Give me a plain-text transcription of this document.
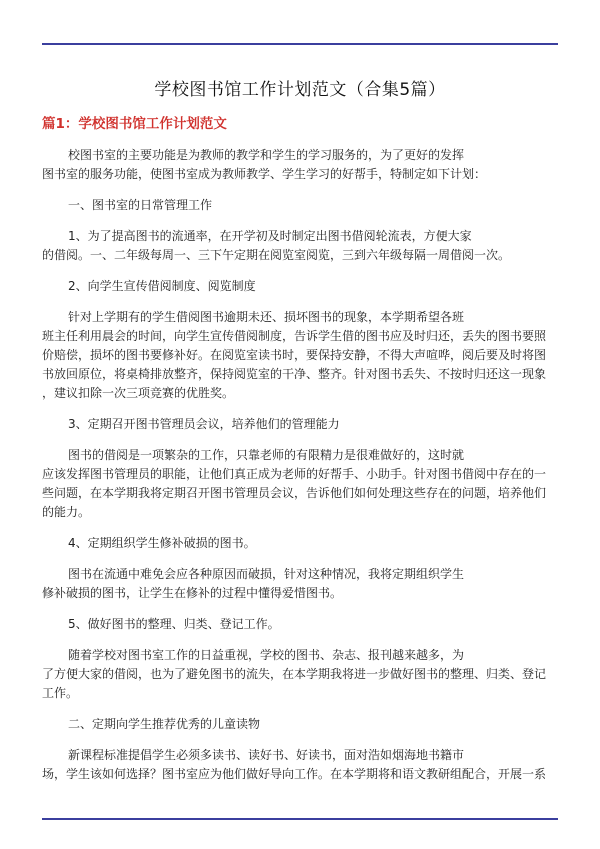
学校图书馆工作计划范文（合集5篇）
篇1：学校图书馆工作计划范文
校图书室的主要功能是为教师的教学和学生的学习服务的，为了更好的发挥
图书室的服务功能，使图书室成为教师教学、学生学习的好帮手，特制定如下计划：
一、图书室的日常管理工作
1、为了提高图书的流通率，在开学初及时制定出图书借阅轮流表，方便大家
的借阅。一、二年级每周一、三下午定期在阅览室阅览，三到六年级每隔一周借阅一次。
2、向学生宣传借阅制度、阅览制度
针对上学期有的学生借阅图书逾期未还、损坏图书的现象，本学期希望各班
班主任利用晨会的时间，向学生宣传借阅制度，告诉学生借的图书应及时归还，丢失的图书要照
价赔偿，损坏的图书要修补好。在阅览室读书时，要保持安静，不得大声喧哗，阅后要及时将图
书放回原位，将桌椅排放整齐，保持阅览室的干净、整齐。针对图书丢失、不按时归还这一现象
，建议扣除一次三项竞赛的优胜奖。
3、定期召开图书管理员会议，培养他们的管理能力
图书的借阅是一项繁杂的工作，只靠老师的有限精力是很难做好的，这时就
应该发挥图书管理员的职能，让他们真正成为老师的好帮手、小助手。针对图书借阅中存在的一
些问题，在本学期我将定期召开图书管理员会议，告诉他们如何处理这些存在的问题，培养他们
的能力。
4、定期组织学生修补破损的图书。
图书在流通中难免会应各种原因而破损，针对这种情况，我将定期组织学生
修补破损的图书，让学生在修补的过程中懂得爱惜图书。
5、做好图书的整理、归类、登记工作。
随着学校对图书室工作的日益重视，学校的图书、杂志、报刊越来越多，为
了方便大家的借阅，也为了避免图书的流失，在本学期我将进一步做好图书的整理、归类、登记
工作。
二、定期向学生推荐优秀的儿童读物
新课程标准提倡学生必须多读书、读好书、好读书，面对浩如烟海地书籍市
场，学生该如何选择？图书室应为他们做好导向工作。在本学期将和语文教研组配合，开展一系
